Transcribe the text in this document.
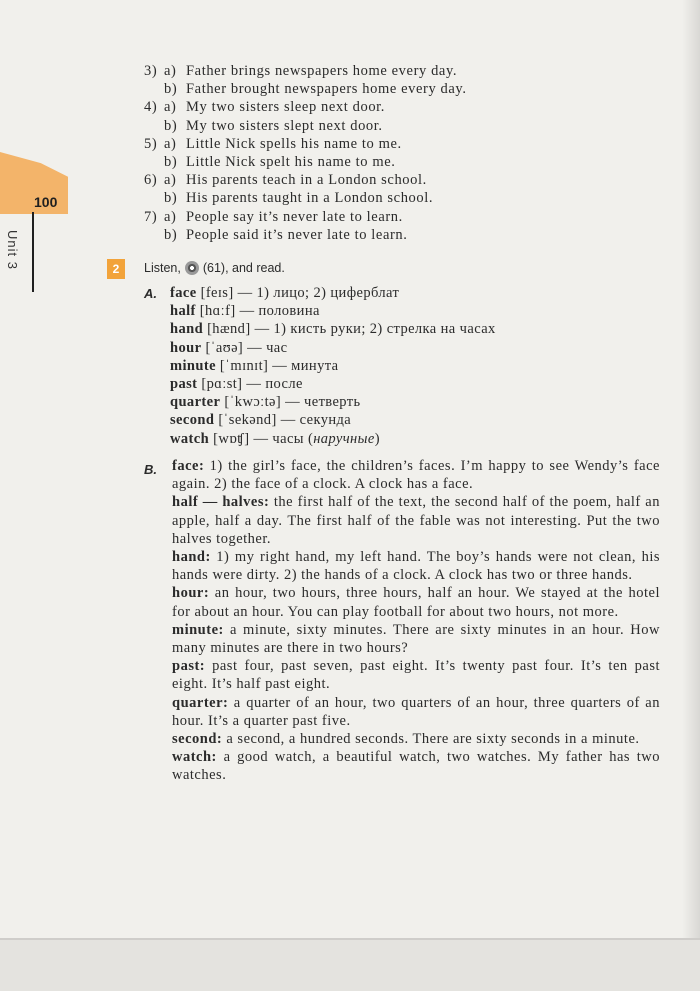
100
Unit 3
3) a) Father brings newspapers home every day.
b) Father brought newspapers home every day.
4) a) My two sisters sleep next door.
b) My two sisters slept next door.
5) a) Little Nick spells his name to me.
b) Little Nick spelt his name to me.
6) a) His parents teach in a London school.
b) His parents taught in a London school.
7) a) People say it’s never late to learn.
b) People said it’s never late to learn.
2	Listen, (61), and read.
A. face [feɪs] — 1) лицо; 2) циферблат
half [hɑːf] — половина
hand [hænd] — 1) кисть руки; 2) стрелка на часах
hour [ˈaʊə] — час
minute [ˈmɪnɪt] — минута
past [pɑːst] — после
quarter [ˈkwɔːtə] — четверть
second [ˈsekənd] — секунда
watch [wɒʧ] — часы (наручные)
B. face: 1) the girl’s face, the children’s faces. I’m happy to see Wendy’s face again. 2) the face of a clock. A clock has a face.

half — halves: the first half of the text, the second half of the poem, half an apple, half a day. The first half of the fable was not interesting. Put the two halves together.

hand: 1) my right hand, my left hand. The boy’s hands were not clean, his hands were dirty. 2) the hands of a clock. A clock has two or three hands.

hour: an hour, two hours, three hours, half an hour. We stayed at the hotel for about an hour. You can play football for about two hours, not more.

minute: a minute, sixty minutes. There are sixty minutes in an hour. How many minutes are there in two hours?

past: past four, past seven, past eight. It’s twenty past four. It’s ten past eight. It’s half past eight.

quarter: a quarter of an hour, two quarters of an hour, three quarters of an hour. It’s a quarter past five.

second: a second, a hundred seconds. There are sixty seconds in a minute.

watch: a good watch, a beautiful watch, two watches. My father has two watches.
